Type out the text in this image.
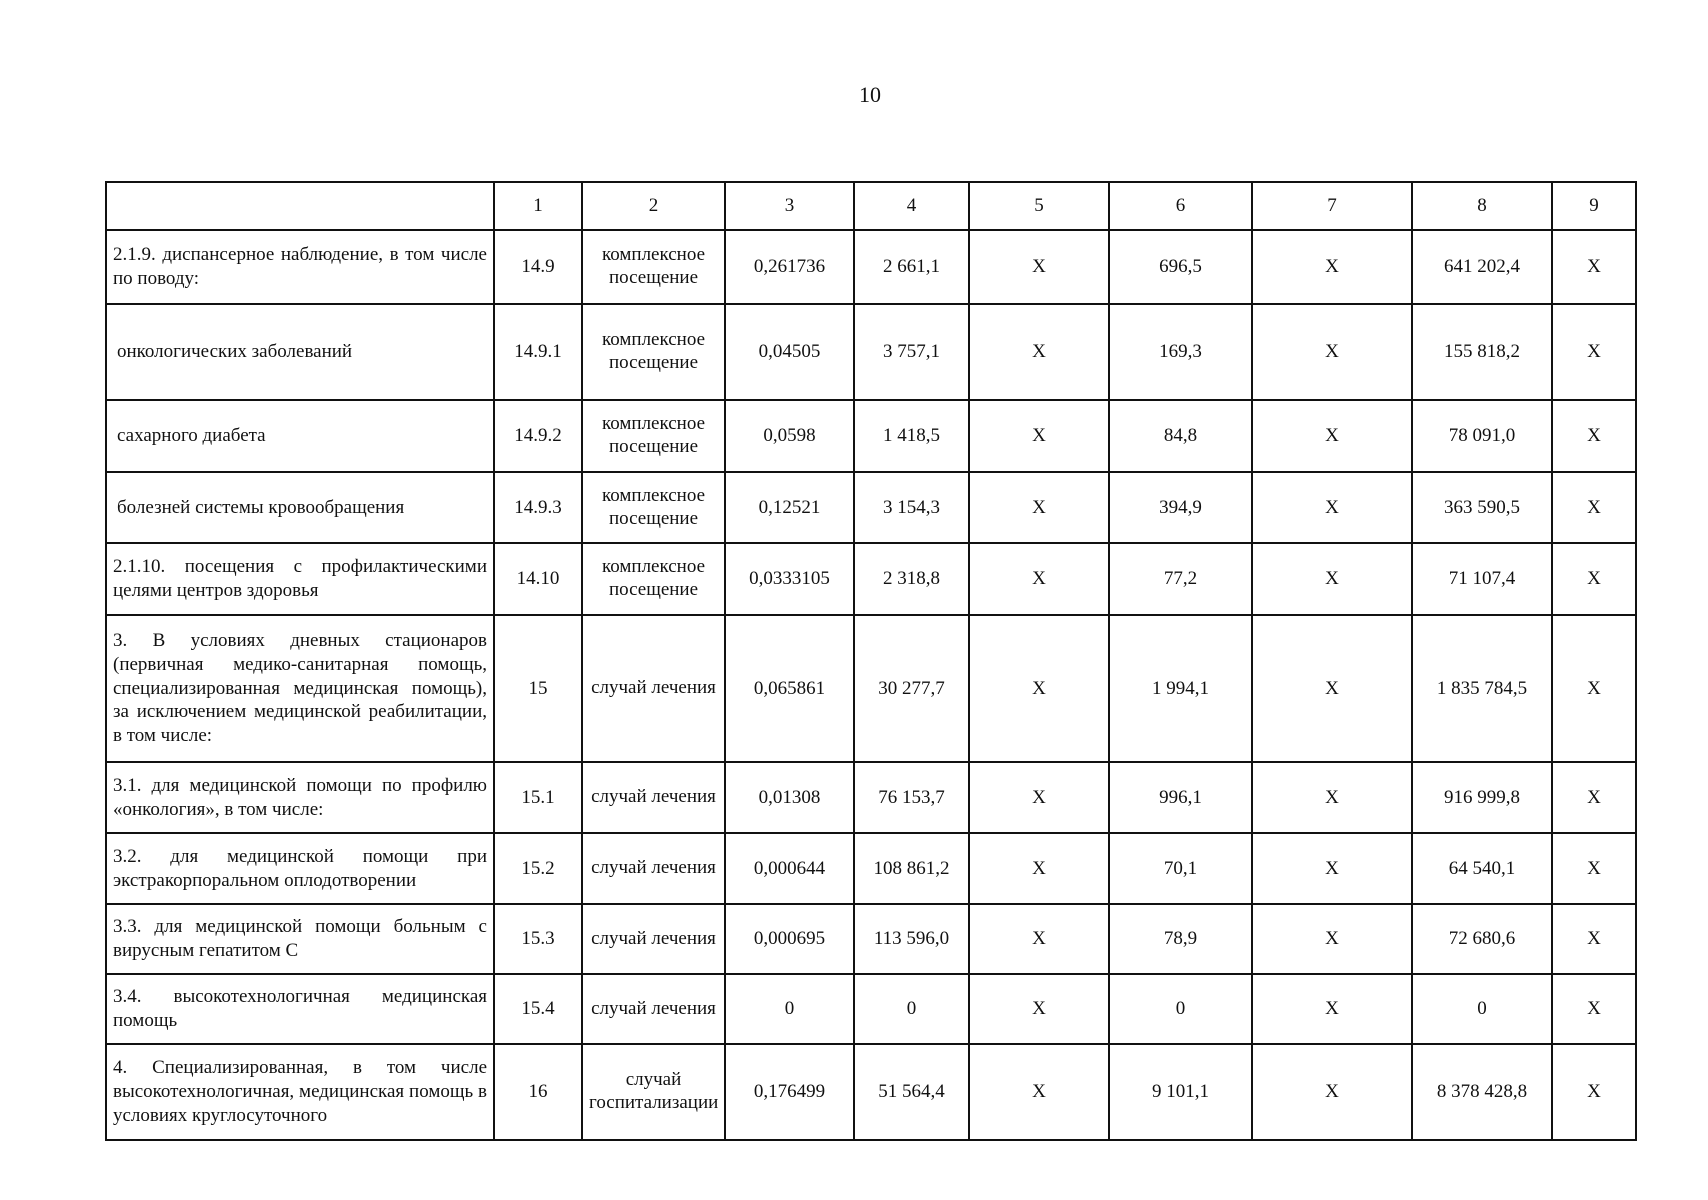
10
	1	2	3	4	5	6	7	8	9
2.1.9. диспансерное наблюдение, в том числе по поводу:	14.9	комплексное посещение	0,261736	2 661,1	X	696,5	X	641 202,4	X
онкологических заболеваний	14.9.1	комплексное посещение	0,04505	3 757,1	X	169,3	X	155 818,2	X
сахарного диабета	14.9.2	комплексное посещение	0,0598	1 418,5	X	84,8	X	78 091,0	X
болезней системы кровообращения	14.9.3	комплексное посещение	0,12521	3 154,3	X	394,9	X	363 590,5	X
2.1.10. посещения с профилактическими целями центров здоровья	14.10	комплексное посещение	0,0333105	2 318,8	X	77,2	X	71 107,4	X
3. В условиях дневных стационаров (первичная медико-санитарная помощь, специализированная медицинская помощь), за исключением медицинской реабилитации, в том числе:	15	случай лечения	0,065861	30 277,7	X	1 994,1	X	1 835 784,5	X
3.1. для медицинской помощи по профилю «онкология», в том числе:	15.1	случай лечения	0,01308	76 153,7	X	996,1	X	916 999,8	X
3.2. для медицинской помощи при экстракорпоральном оплодотворении	15.2	случай лечения	0,000644	108 861,2	X	70,1	X	64 540,1	X
3.3. для медицинской помощи больным с вирусным гепатитом С	15.3	случай лечения	0,000695	113 596,0	X	78,9	X	72 680,6	X
3.4. высокотехнологичная медицинская помощь	15.4	случай лечения	0	0	X	0	X	0	X
4. Специализированная, в том числе высокотехнологичная, медицинская помощь в условиях круглосуточного	16	случай госпитализации	0,176499	51 564,4	X	9 101,1	X	8 378 428,8	X
